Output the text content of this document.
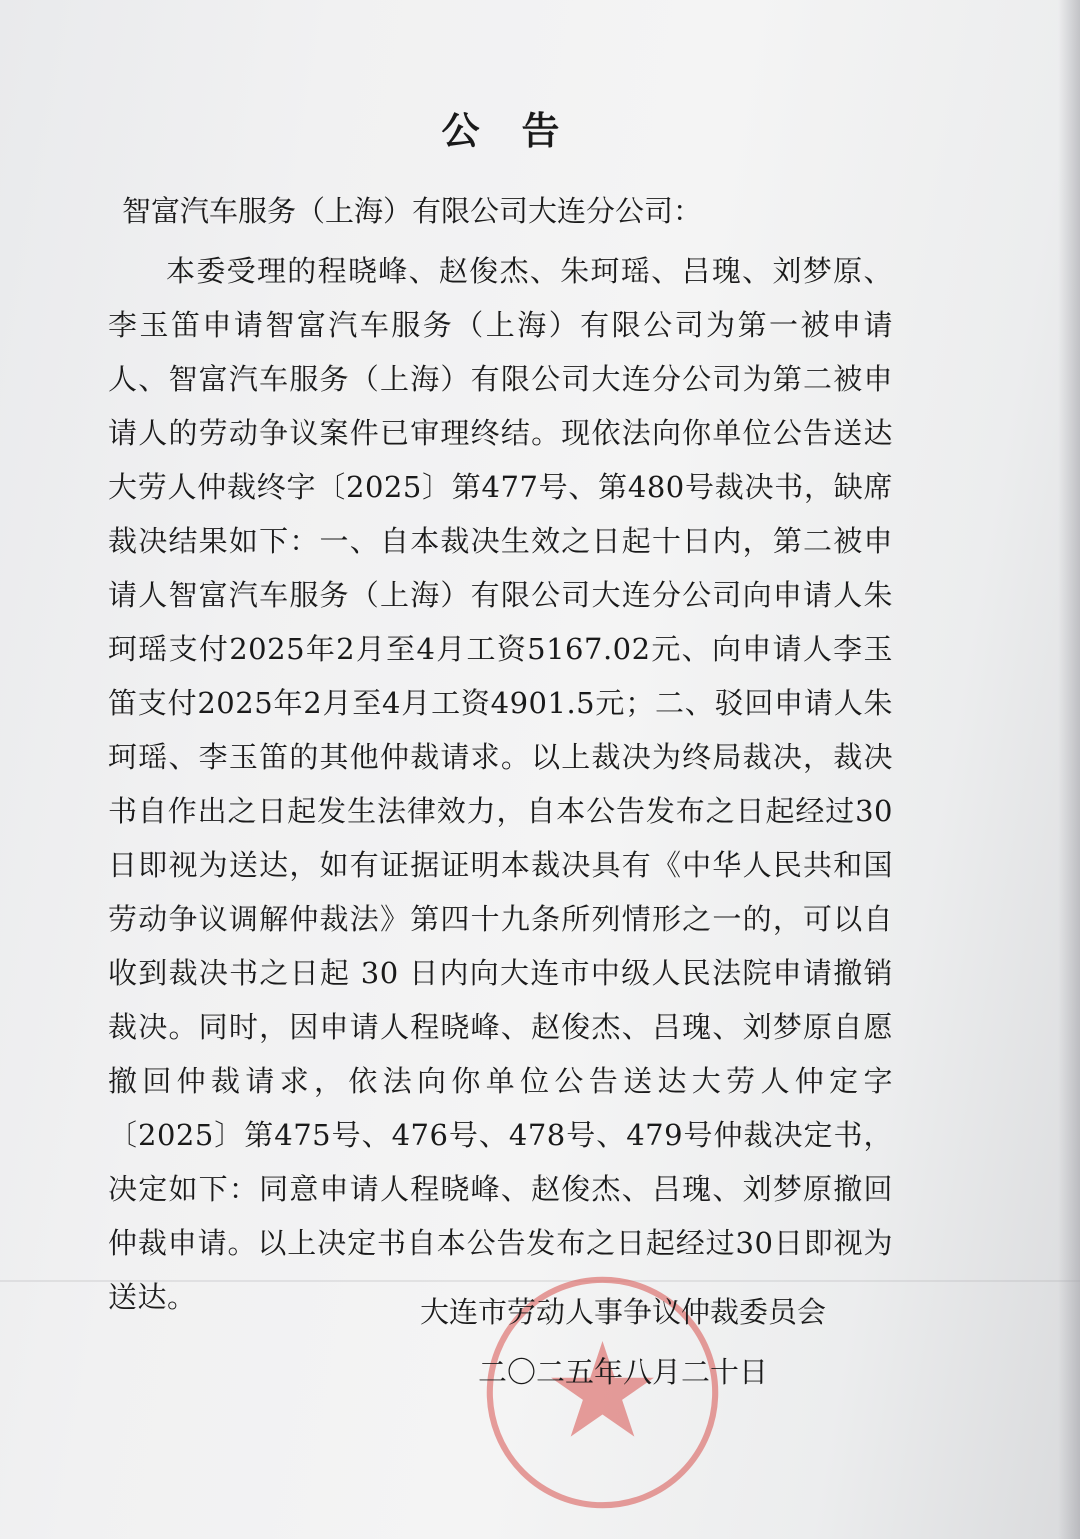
公告

智富汽车服务（上海）有限公司大连分公司：

本委受理的程晓峰、赵俊杰、朱珂瑶、吕瑰、刘梦原、李玉笛申请智富汽车服务（上海）有限公司为第一被申请人、智富汽车服务（上海）有限公司大连分公司为第二被申请人的劳动争议案件已审理终结。现依法向你单位公告送达大劳人仲裁终字〔2025〕第477号、第480号裁决书，缺席裁决结果如下：一、自本裁决生效之日起十日内，第二被申请人智富汽车服务（上海）有限公司大连分公司向申请人朱珂瑶支付2025年2月至4月工资5167.02元、向申请人李玉笛支付2025年2月至4月工资4901.5元；二、驳回申请人朱珂瑶、李玉笛的其他仲裁请求。以上裁决为终局裁决，裁决书自作出之日起发生法律效力，自本公告发布之日起经过30日即视为送达，如有证据证明本裁决具有《中华人民共和国劳动争议调解仲裁法》第四十九条所列情形之一的，可以自收到裁决书之日起 30 日内向大连市中级人民法院申请撤销裁决。同时，因申请人程晓峰、赵俊杰、吕瑰、刘梦原自愿撤回仲裁请求，依法向你单位公告送达大劳人仲定字〔2025〕第475号、476号、478号、479号仲裁决定书，决定如下：同意申请人程晓峰、赵俊杰、吕瑰、刘梦原撤回仲裁申请。以上决定书自本公告发布之日起经过30日即视为送达。	大连市劳动人事争议仲裁委员会
二〇二五年八月二十日
